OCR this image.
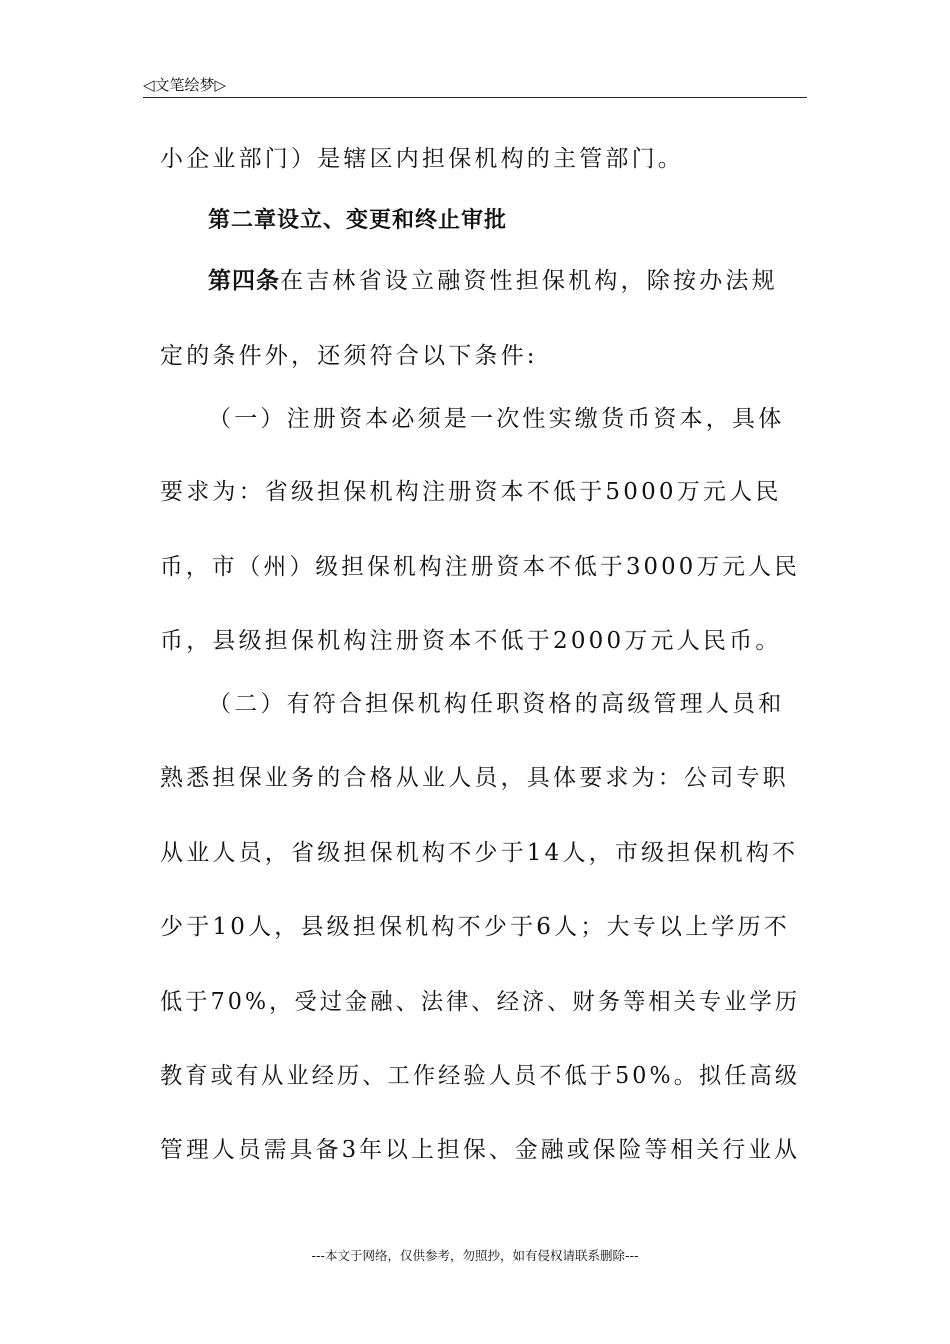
◁文笔绘梦▷
小企业部门）是辖区内担保机构的主管部门。
第二章设立、变更和终止审批
第四条在吉林省设立融资性担保机构，除按办法规
定的条件外，还须符合以下条件:
（一）注册资本必须是一次性实缴货币资本，具体
要求为：省级担保机构注册资本不低于5000万元人民
币，市（州）级担保机构注册资本不低于3000万元人民
币，县级担保机构注册资本不低于2000万元人民币。
（二）有符合担保机构任职资格的高级管理人员和
熟悉担保业务的合格从业人员，具体要求为：公司专职
从业人员，省级担保机构不少于14人，市级担保机构不
少于10人，县级担保机构不少于6人；大专以上学历不
低于70%，受过金融、法律、经济、财务等相关专业学历
教育或有从业经历、工作经验人员不低于50%。拟任高级
管理人员需具备3年以上担保、金融或保险等相关行业从
---本文于网络，仅供参考，勿照抄，如有侵权请联系删除---
